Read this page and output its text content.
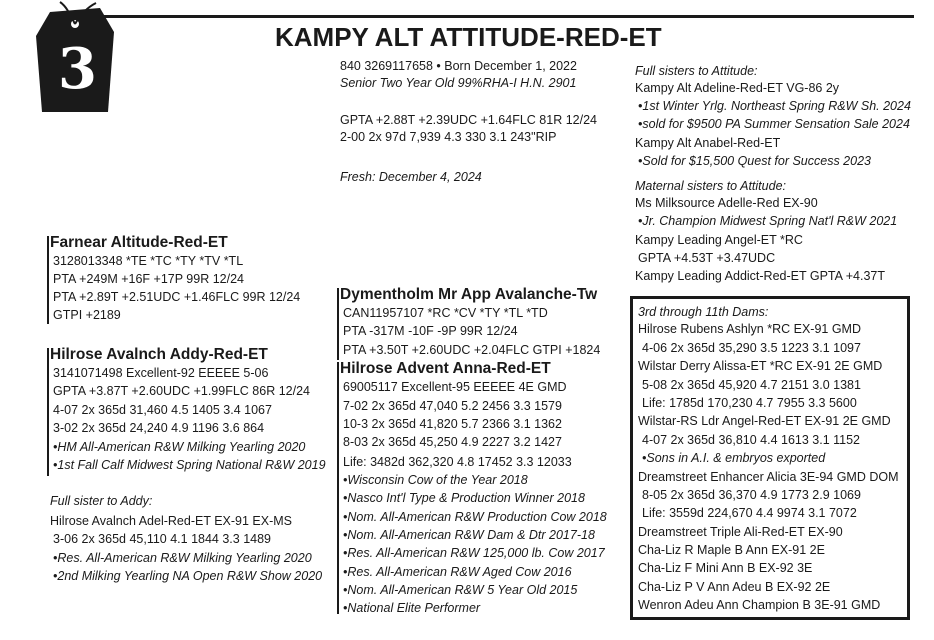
3	KAMPY ALT ATTITUDE-RED-ET
840 3269117658 • Born December 1, 2022
Senior Two Year Old 99%RHA-I H.N. 2901
GPTA +2.88T +2.39UDC +1.64FLC 81R 12/24
2-00 2x 97d 7,939 4.3 330 3.1 243"RIP
Fresh: December 4, 2024
Full sisters to Attitude:
Kampy Alt Adeline-Red-ET VG-86 2y
•1st Winter Yrlg. Northeast Spring R&W Sh. 2024
•sold for $9500 PA Summer Sensation Sale 2024
Kampy Alt Anabel-Red-ET
•Sold for $15,500 Quest for Success 2023
Maternal sisters to Attitude:
Ms Milksource Adelle-Red EX-90
•Jr. Champion Midwest Spring Nat'l R&W 2021
Kampy Leading Angel-ET *RC
GPTA +4.53T +3.47UDC
Kampy Leading Addict-Red-ET GPTA +4.37T
Farnear Altitude-Red-ET
3128013348 *TE *TC *TY *TV *TL
PTA +249M +16F +17P 99R 12/24
PTA +2.89T +2.51UDC +1.46FLC 99R 12/24
GTPI +2189
Hilrose Avalnch Addy-Red-ET
3141071498 Excellent-92 EEEEE 5-06
GPTA +3.87T +2.60UDC +1.99FLC 86R 12/24
4-07 2x 365d 31,460 4.5 1405 3.4 1067
3-02 2x 365d 24,240 4.9 1196 3.6 864
•HM All-American R&W Milking Yearling 2020
•1st Fall Calf Midwest Spring National R&W 2019
Full sister to Addy:
Hilrose Avalnch Adel-Red-ET EX-91 EX-MS
3-06 2x 365d 45,110 4.1 1844 3.3 1489
•Res. All-American R&W Milking Yearling 2020
•2nd Milking Yearling NA Open R&W Show 2020
Dymentholm Mr App Avalanche-Tw
CAN11957107 *RC *CV *TY *TL *TD
PTA -317M -10F -9P 99R 12/24
PTA +3.50T +2.60UDC +2.04FLC GTPI +1824
Hilrose Advent Anna-Red-ET
69005117 Excellent-95 EEEEE 4E GMD
7-02 2x 365d 47,040 5.2 2456 3.3 1579
10-3 2x 365d 41,820 5.7 2366 3.1 1362
8-03 2x 365d 45,250 4.9 2227 3.2 1427
Life: 3482d 362,320 4.8 17452 3.3 12033
•Wisconsin Cow of the Year 2018
•Nasco Int'l Type & Production Winner 2018
•Nom. All-American R&W Production Cow 2018
•Nom. All-American R&W Dam & Dtr 2017-18
•Res. All-American R&W 125,000 lb. Cow 2017
•Res. All-American R&W Aged Cow 2016
•Nom. All-American R&W 5 Year Old 2015
•National Elite Performer
3rd through 11th Dams:
Hilrose Rubens Ashlyn *RC EX-91 GMD
4-06 2x 365d 35,290 3.5 1223 3.1 1097
Wilstar Derry Alissa-ET *RC EX-91 2E GMD
5-08 2x 365d 45,920 4.7 2151 3.0 1381
Life: 1785d 170,230 4.7 7955 3.3 5600
Wilstar-RS Ldr Angel-Red-ET EX-91 2E GMD
4-07 2x 365d 36,810 4.4 1613 3.1 1152
•Sons in A.I. & embryos exported
Dreamstreet Enhancer Alicia 3E-94 GMD DOM
8-05 2x 365d 36,370 4.9 1773 2.9 1069
Life: 3559d 224,670 4.4 9974 3.1 7072
Dreamstreet Triple Ali-Red-ET EX-90
Cha-Liz R Maple B Ann EX-91 2E
Cha-Liz F Mini Ann B EX-92 3E
Cha-Liz P V Ann Adeu B EX-92 2E
Wenron Adeu Ann Champion B 3E-91 GMD
